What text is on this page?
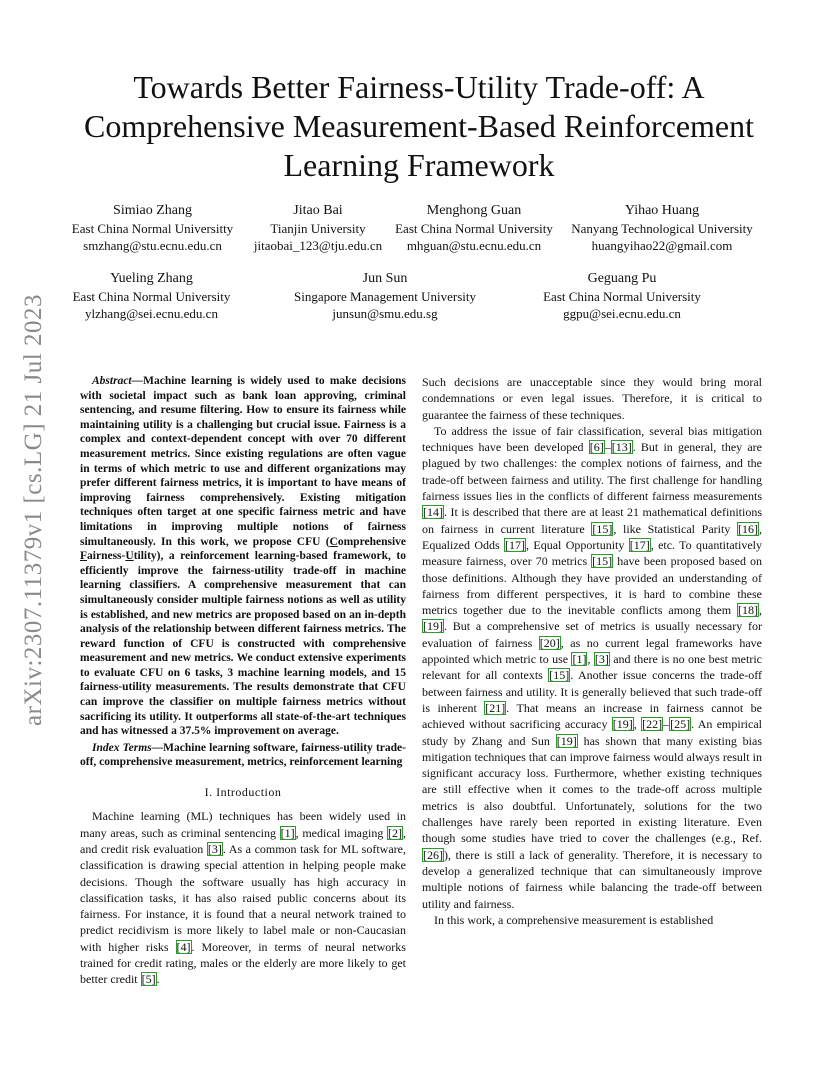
arXiv:2307.11379v1 [cs.LG] 21 Jul 2023
Towards Better Fairness-Utility Trade-off: A Comprehensive Measurement-Based Reinforcement Learning Framework
Simiao Zhang
East China Normal Universitty
smzhang@stu.ecnu.edu.cn
Jitao Bai
Tianjin University
jitaobai_123@tju.edu.cn
Menghong Guan
East China Normal University
mhguan@stu.ecnu.edu.cn
Yihao Huang
Nanyang Technological University
huangyihao22@gmail.com
Yueling Zhang
East China Normal University
ylzhang@sei.ecnu.edu.cn
Jun Sun
Singapore Management University
junsun@smu.edu.sg
Geguang Pu
East China Normal University
ggpu@sei.ecnu.edu.cn

Abstract—Machine learning is widely used to make decisions with societal impact such as bank loan approving, criminal sentencing, and resume filtering. How to ensure its fairness while maintaining utility is a challenging but crucial issue. Fairness is a complex and context-dependent concept with over 70 different measurement metrics. Since existing regulations are often vague in terms of which metric to use and different organizations may prefer different fairness metrics, it is important to have means of improving fairness comprehensively. Existing mitigation techniques often target at one specific fairness metric and have limitations in improving multiple notions of fairness simultaneously. In this work, we propose CFU (Comprehensive Fairness-Utility), a reinforcement learning-based framework, to efficiently improve the fairness-utility trade-off in machine learning classifiers. A comprehensive measurement that can simultaneously consider multiple fairness notions as well as utility is established, and new metrics are proposed based on an in-depth analysis of the relationship between different fairness metrics. The reward function of CFU is constructed with comprehensive measurement and new metrics. We conduct extensive experiments to evaluate CFU on 6 tasks, 3 machine learning models, and 15 fairness-utility measurements. The results demonstrate that CFU can improve the classifier on multiple fairness metrics without sacrificing its utility. It outperforms all state-of-the-art techniques and has witnessed a 37.5% improvement on average.

Index Terms—Machine learning software, fairness-utility trade-off, comprehensive measurement, metrics, reinforcement learning

I. Introduction

Machine learning (ML) techniques has been widely used in many areas, such as criminal sentencing [1], medical imaging [2], and credit risk evaluation [3]. As a common task for ML software, classification is drawing special attention in helping people make decisions. Though the software usually has high accuracy in classification tasks, it has also raised public concerns about its fairness. For instance, it is found that a neural network trained to predict recidivism is more likely to label male or non-Caucasian with higher risks [4]. Moreover, in terms of neural networks trained for credit rating, males or the elderly are more likely to get better credit [5].

Such decisions are unacceptable since they would bring moral condemnations or even legal issues. Therefore, it is critical to guarantee the fairness of these techniques.

To address the issue of fair classification, several bias mitigation techniques have been developed [6]–[13]. But in general, they are plagued by two challenges: the complex notions of fairness, and the trade-off between fairness and utility. The first challenge for handling fairness issues lies in the conflicts of different fairness measurements [14]. It is described that there are at least 21 mathematical definitions on fairness in current literature [15], like Statistical Parity [16], Equalized Odds [17], Equal Opportunity [17], etc. To quantitatively measure fairness, over 70 metrics [15] have been proposed based on those definitions. Although they have provided an understanding of fairness from different perspectives, it is hard to combine these metrics together due to the inevitable conflicts among them [18], [19]. But a comprehensive set of metrics is usually necessary for evaluation of fairness [20], as no current legal frameworks have appointed which metric to use [1], [3] and there is no one best metric relevant for all contexts [15]. Another issue concerns the trade-off between fairness and utility. It is generally believed that such trade-off is inherent [21]. That means an increase in fairness cannot be achieved without sacrificing accuracy [19], [22]–[25]. An empirical study by Zhang and Sun [19] has shown that many existing bias mitigation techniques that can improve fairness would always result in significant accuracy loss. Furthermore, whether existing techniques are still effective when it comes to the trade-off across multiple metrics is also doubtful. Unfortunately, solutions for the two challenges have rarely been reported in existing literature. Even though some studies have tried to cover the challenges (e.g., Ref. [26]), there is still a lack of generality. Therefore, it is necessary to develop a generalized technique that can simultaneously improve multiple notions of fairness while balancing the trade-off between utility and fairness.

In this work, a comprehensive measurement is established
